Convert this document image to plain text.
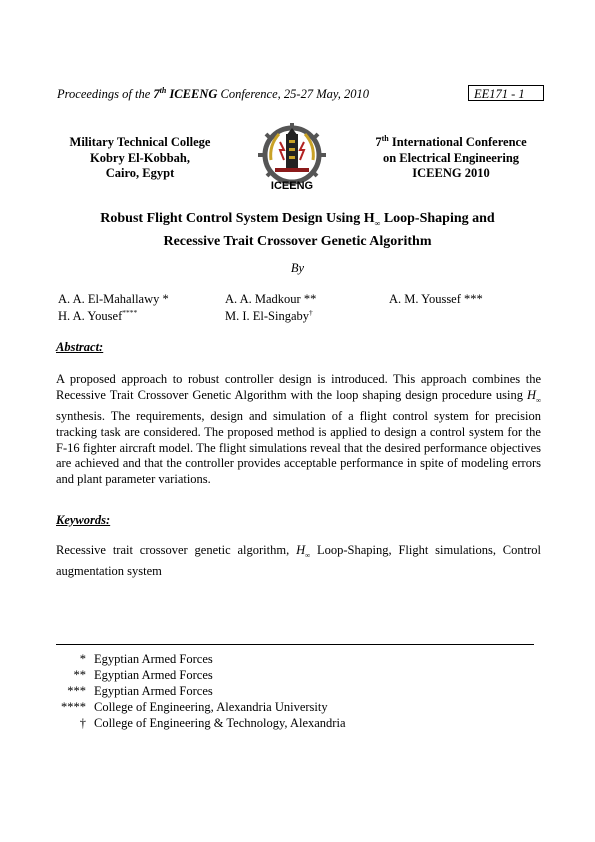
Proceedings of the 7th ICEENG Conference, 25-27 May, 2010	EE171 - 1
Military Technical College
Kobry El-Kobbah,
Cairo, Egypt
ICEENG
7th International Conference
on Electrical Engineering
ICEENG 2010
Robust Flight Control System Design Using $H_\infty$ Loop-Shaping and
Recessive Trait Crossover Genetic Algorithm
By
A. A. El-Mahallawy *	A. A. Madkour **	A. M. Youssef ***
H. A. Yousef****	M. I. El-Singaby†
Abstract:
A proposed approach to robust controller design is introduced. This approach combines the Recessive Trait Crossover Genetic Algorithm with the loop shaping design procedure using $H_\infty$ synthesis. The requirements, design and simulation of a flight control system for precision tracking task are considered. The proposed method is applied to design a control system for the F-16 fighter aircraft model. The flight simulations reveal that the desired performance objectives are achieved and that the controller provides acceptable performance in spite of modeling errors and plant parameter variations.
Keywords:
Recessive trait crossover genetic algorithm, $H_\infty$ Loop-Shaping, Flight simulations, Control augmentation system
* Egyptian Armed Forces
** Egyptian Armed Forces
*** Egyptian Armed Forces
**** College of Engineering, Alexandria University
† College of Engineering & Technology, Alexandria
